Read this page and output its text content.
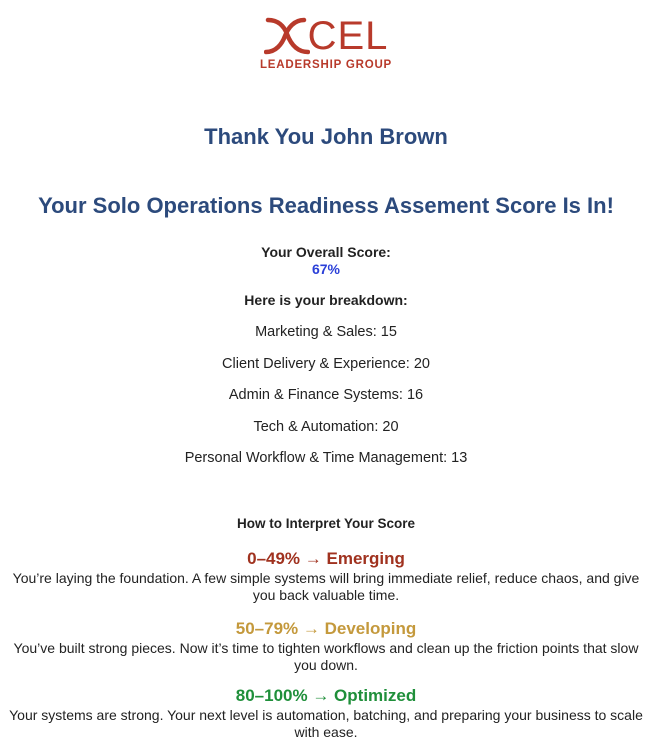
CEL
LEADERSHIP GROUP
Thank You John Brown
Your Solo Operations Readiness Assement Score Is In!
Your Overall Score:
67%
Here is your breakdown:
Marketing & Sales: 15
Client Delivery & Experience: 20
Admin & Finance Systems: 16
Tech & Automation: 20
Personal Workflow & Time Management: 13
How to Interpret Your Score
0–49% → Emerging
You’re laying the foundation. A few simple systems will bring immediate relief, reduce chaos, and give you back valuable time.
50–79% → Developing
You’ve built strong pieces. Now it’s time to tighten workflows and clean up the friction points that slow you down.
80–100% → Optimized
Your systems are strong. Your next level is automation, batching, and preparing your business to scale with ease.
